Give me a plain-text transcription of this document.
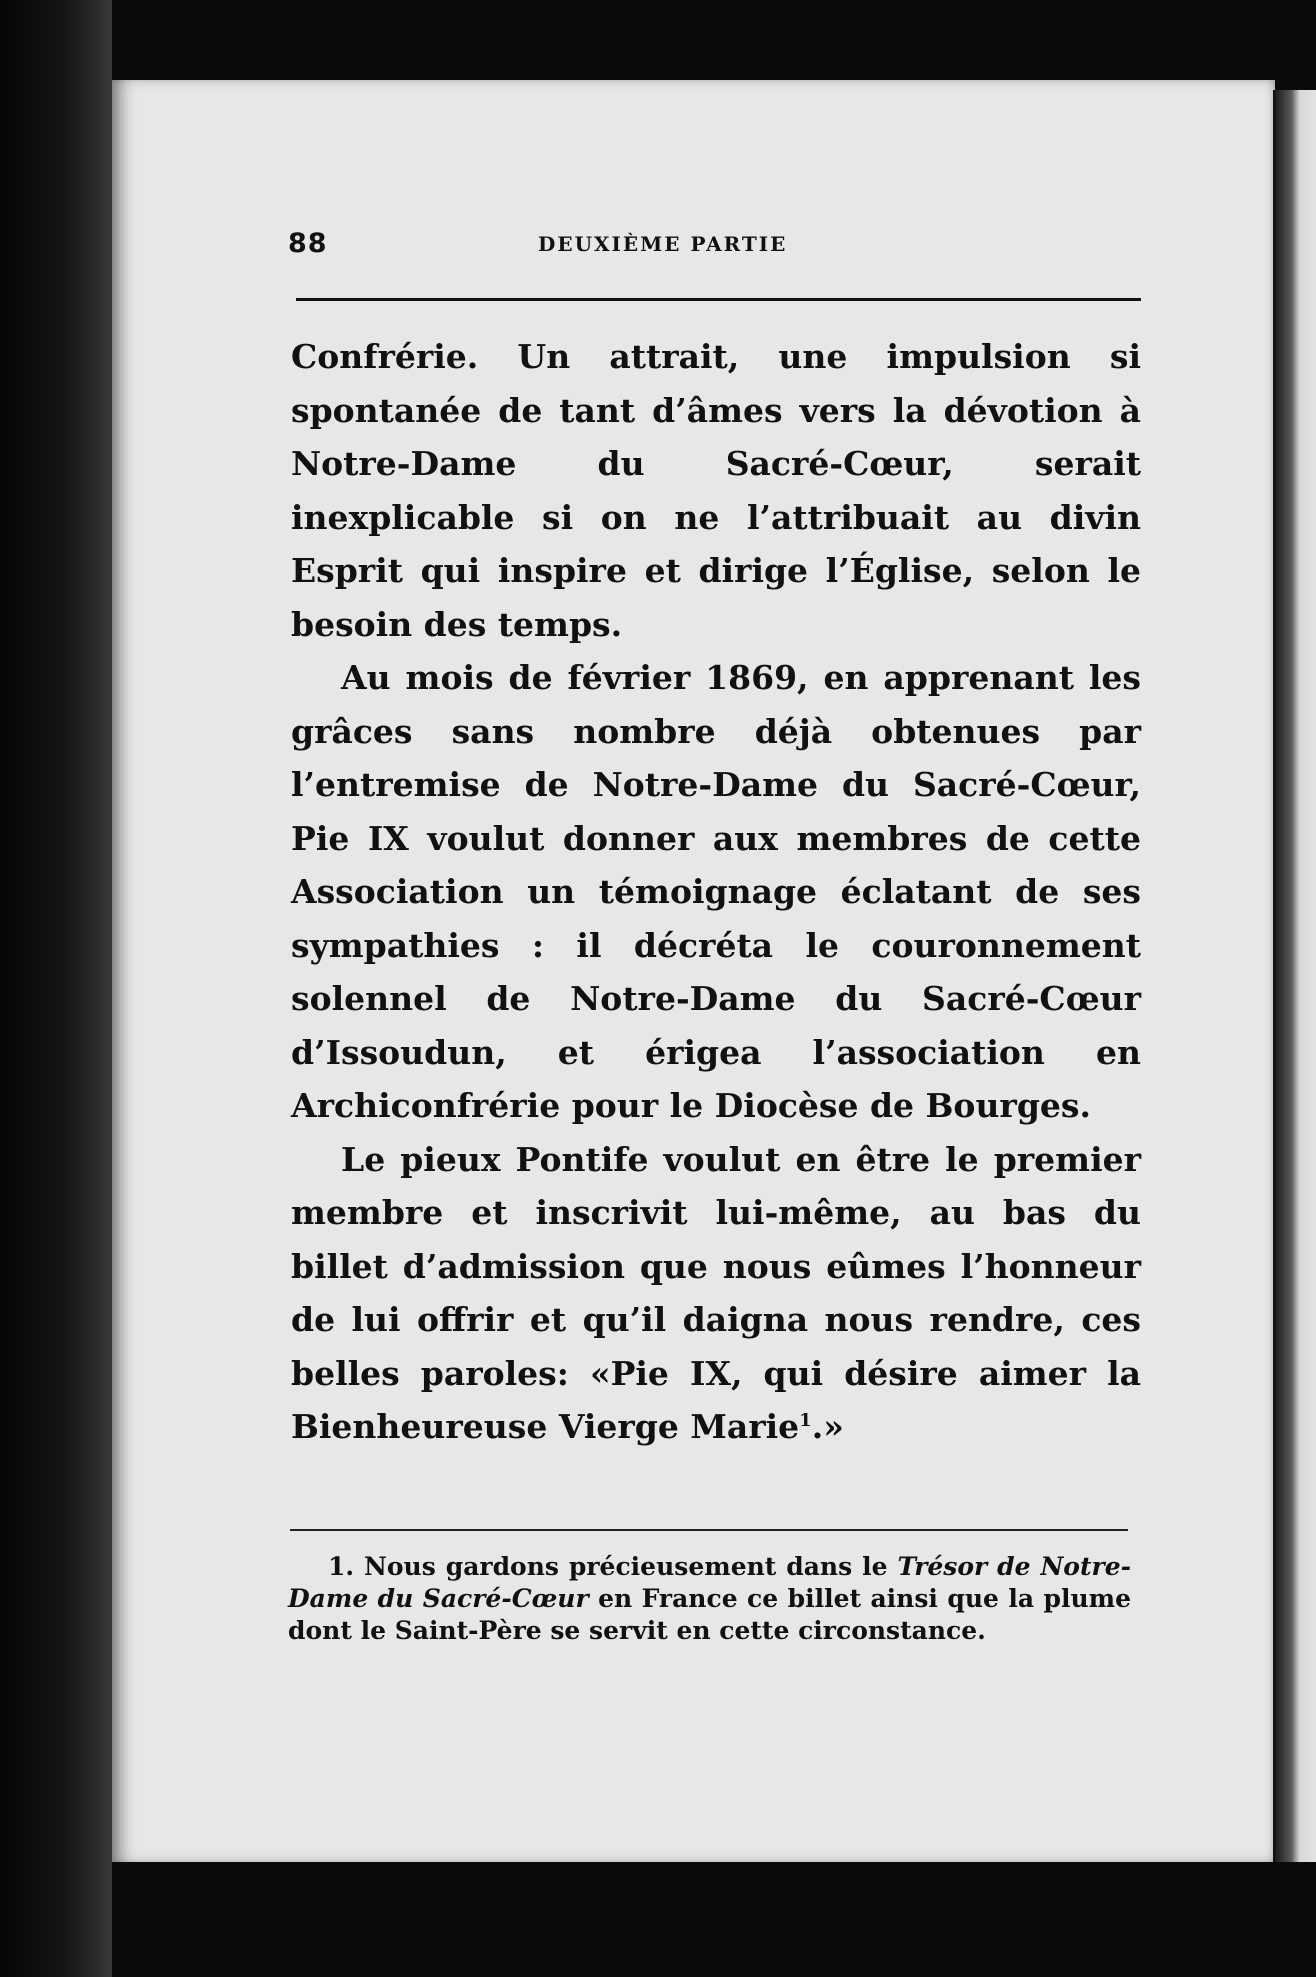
88	DEUXIÈME PARTIE

Confrérie. Un attrait, une impulsion si spontanée de tant d’âmes vers la dévotion à Notre-Dame du Sacré-Cœur, serait inexplicable si on ne l’attribuait au divin Esprit qui inspire et dirige l’Église, selon le besoin des temps.

Au mois de février 1869, en apprenant les grâces sans nombre déjà obtenues par l’entremise de Notre-Dame du Sacré-Cœur, Pie IX voulut donner aux membres de cette Association un témoignage éclatant de ses sympathies : il décréta le couronnement solennel de Notre-Dame du Sacré-Cœur d’Issoudun, et érigea l’association en Archiconfrérie pour le Diocèse de Bourges.

Le pieux Pontife voulut en être le premier membre et inscrivit lui-même, au bas du billet d’admission que nous eûmes l’honneur de lui offrir et qu’il daigna nous rendre, ces belles paroles: «Pie IX, qui désire aimer la Bienheureuse Vierge Marie$^1$.»

1. Nous gardons précieusement dans le Trésor de Notre-Dame du Sacré-Cœur en France ce billet ainsi que la plume dont le Saint-Père se servit en cette circonstance.
